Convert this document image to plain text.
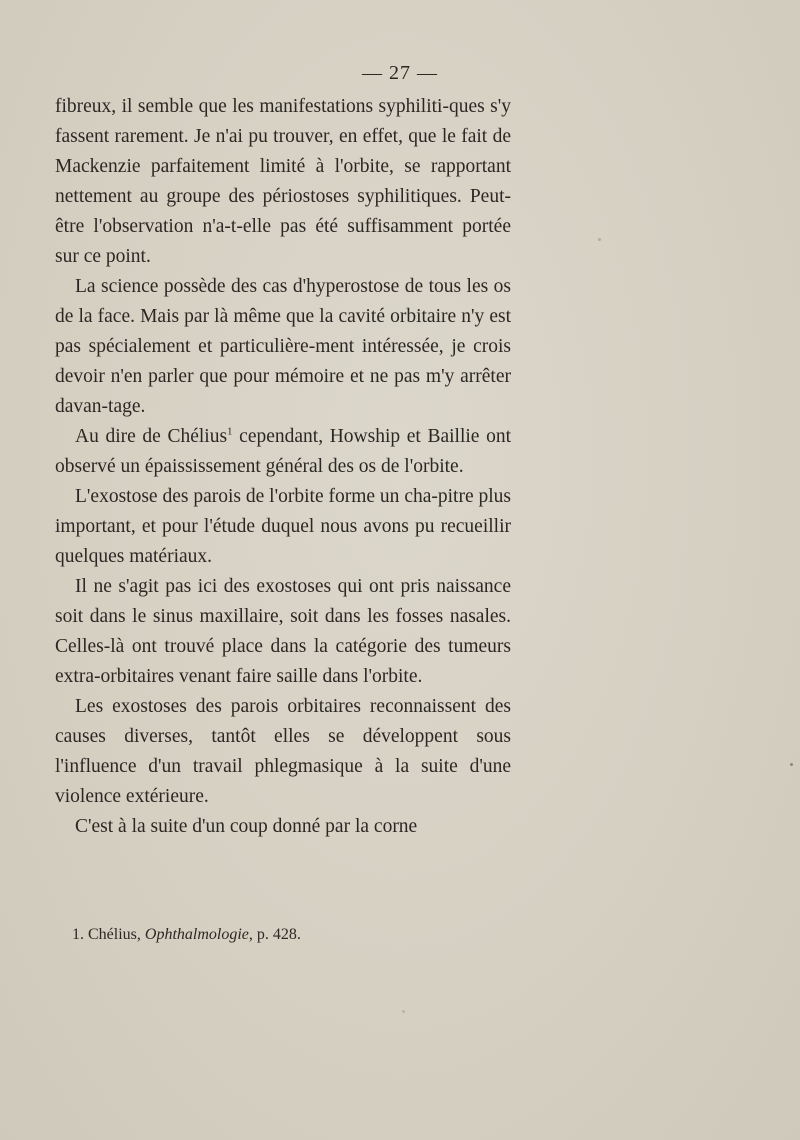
— 27 —

fibreux, il semble que les manifestations syphiliti-ques s'y fassent rarement. Je n'ai pu trouver, en effet, que le fait de Mackenzie parfaitement limité à l'orbite, se rapportant nettement au groupe des périostoses syphilitiques. Peut-être l'observation n'a-t-elle pas été suffisamment portée sur ce point.

La science possède des cas d'hyperostose de tous les os de la face. Mais par là même que la cavité orbitaire n'y est pas spécialement et particulière-ment intéressée, je crois devoir n'en parler que pour mémoire et ne pas m'y arrêter davan-tage.

Au dire de Chélius$^1$ cependant, Howship et Baillie ont observé un épaississement général des os de l'orbite.

L'exostose des parois de l'orbite forme un cha-pitre plus important, et pour l'étude duquel nous avons pu recueillir quelques matériaux.

Il ne s'agit pas ici des exostoses qui ont pris naissance soit dans le sinus maxillaire, soit dans les fosses nasales. Celles-là ont trouvé place dans la catégorie des tumeurs extra-orbitaires venant faire saille dans l'orbite.

Les exostoses des parois orbitaires reconnaissent des causes diverses, tantôt elles se développent sous l'influence d'un travail phlegmasique à la suite d'une violence extérieure.

C'est à la suite d'un coup donné par la corne

1. Chélius, Ophthalmologie, p. 428.
